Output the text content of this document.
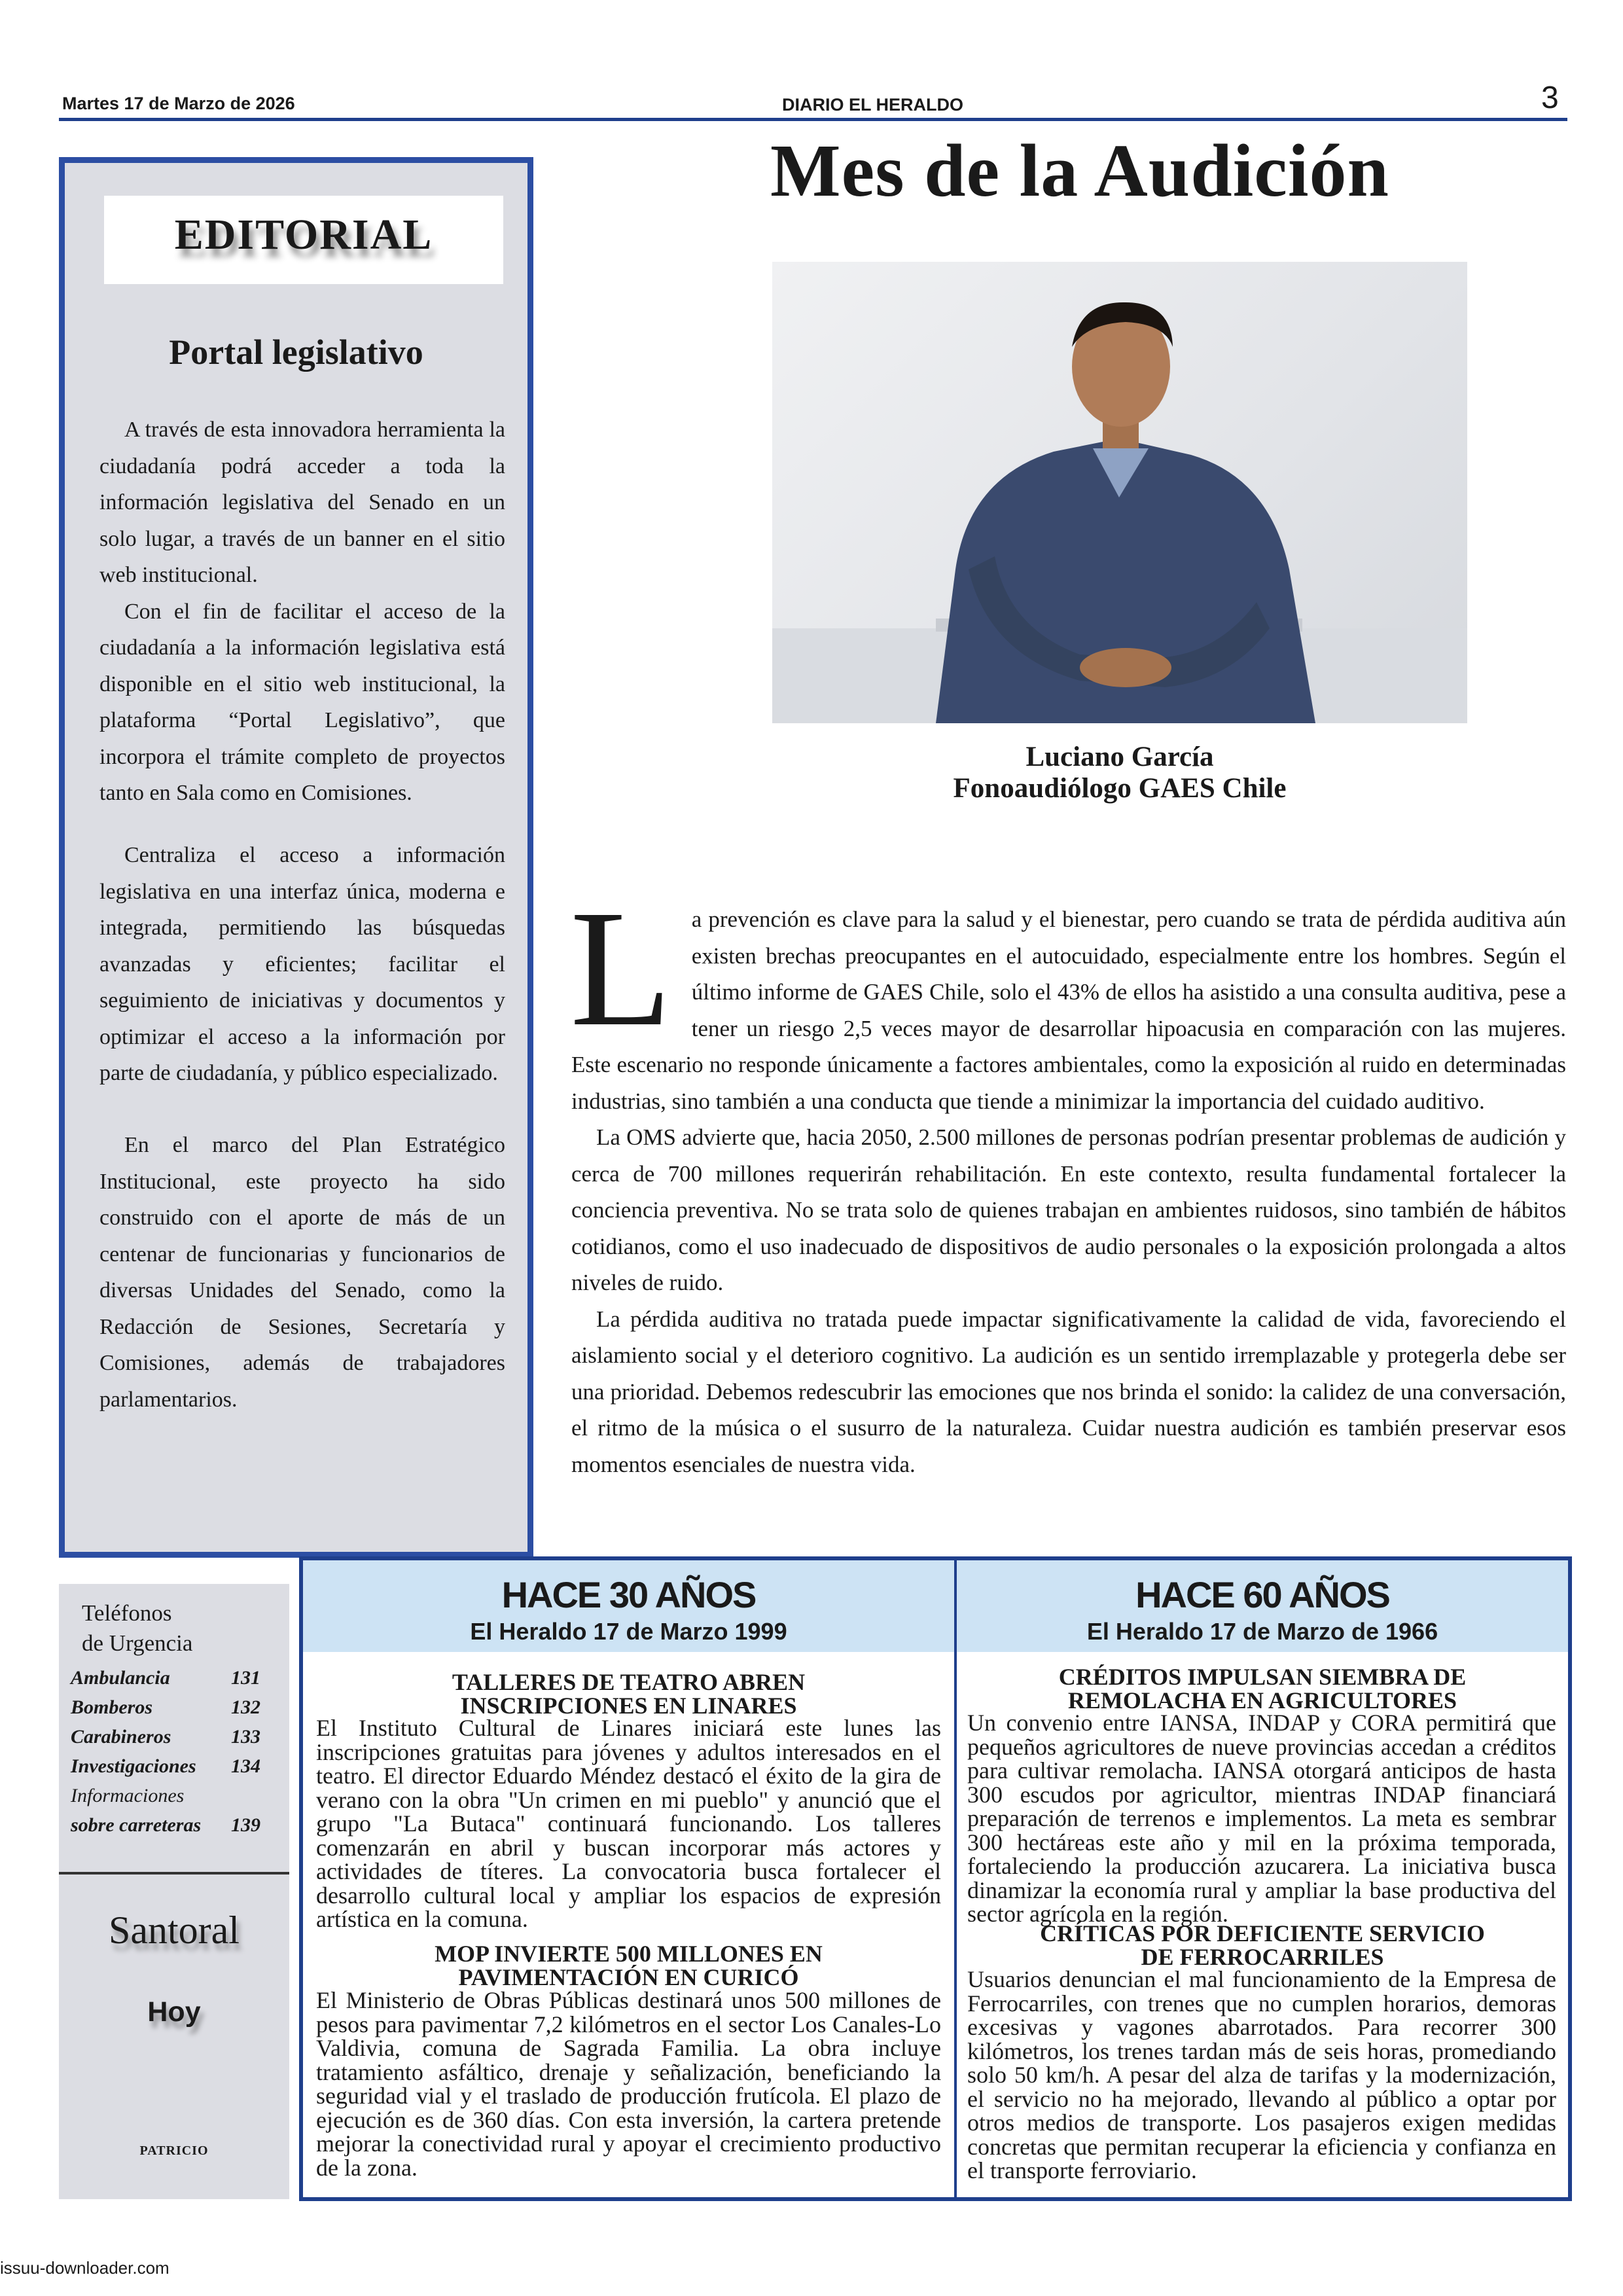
Martes 17 de Marzo de 2026	DIARIO EL HERALDO	3
EDITORIAL
Portal legislativo

A través de esta innovadora herramienta la ciudadanía podrá acceder a toda la información legislativa del Senado en un solo lugar, a través de un banner en el sitio web institucional.

Con el fin de facilitar el acceso de la ciudadanía a la información legislativa está disponible en el sitio web institucional, la plataforma “Portal Legislativo”, que incorpora el trámite completo de proyectos tanto en Sala como en Comisiones.

Centraliza el acceso a información legislativa en una interfaz única, moderna e integrada, permitiendo las búsquedas avanzadas y eficientes; facilitar el seguimiento de iniciativas y documentos y optimizar el acceso a la información por parte de ciudadanía, y público especializado.

En el marco del Plan Estratégico Institucional, este proyecto ha sido construido con el aporte de más de un centenar de funcionarias y funcionarios de diversas Unidades del Senado, como la Redacción de Sesiones, Secretaría y Comisiones, además de trabajadores parlamentarios.

Mes de la Audición
Luciano García
Fonoaudiólogo GAES Chile
L a prevención es clave para la salud y el bienestar, pero cuando se trata de pérdida auditiva aún existen brechas preocupantes en el autocuidado, especialmente entre los hombres. Según el último informe de GAES Chile, solo el 43% de ellos ha asistido a una consulta auditiva, pese a tener un riesgo 2,5 veces mayor de desarrollar hipoacusia en comparación con las mujeres. Este escenario no responde únicamente a factores ambientales, como la exposición al ruido en determinadas industrias, sino también a una conducta que tiende a minimizar la importancia del cuidado auditivo.

La OMS advierte que, hacia 2050, 2.500 millones de personas podrían presentar problemas de audición y cerca de 700 millones requerirán rehabilitación. En este contexto, resulta fundamental fortalecer la conciencia preventiva. No se trata solo de quienes trabajan en ambientes ruidosos, sino también de hábitos cotidianos, como el uso inadecuado de dispositivos de audio personales o la exposición prolongada a altos niveles de ruido.

La pérdida auditiva no tratada puede impactar significativamente la calidad de vida, favoreciendo el aislamiento social y el deterioro cognitivo. La audición es un sentido irremplazable y protegerla debe ser una prioridad. Debemos redescubrir las emociones que nos brinda el sonido: la calidez de una conversación, el ritmo de la música o el susurro de la naturaleza. Cuidar nuestra audición es también preservar esos momentos esenciales de nuestra vida.

Teléfonos
de Urgencia
Ambulancia	131
Bomberos	132
Carabineros	133
Investigaciones 134
Informaciones
sobre carreteras 139
Santoral
Hoy
PATRICIO
HACE 30 AÑOS
El Heraldo 17 de Marzo 1999
TALLERES DE TEATRO ABREN
INSCRIPCIONES EN LINARES
El Instituto Cultural de Linares iniciará este lunes las inscripciones gratuitas para jóvenes y adultos interesados en el teatro. El director Eduardo Méndez destacó el éxito de la gira de verano con la obra "Un crimen en mi pueblo" y anunció que el grupo "La Butaca" continuará funcionando. Los talleres comenzarán en abril y buscan incorporar más actores y actividades de títeres. La convocatoria busca fortalecer el desarrollo cultural local y ampliar los espacios de expresión artística en la comuna.
MOP INVIERTE 500 MILLONES EN
PAVIMENTACIÓN EN CURICÓ
El Ministerio de Obras Públicas destinará unos 500 millones de pesos para pavimentar 7,2 kilómetros en el sector Los Canales-Lo Valdivia, comuna de Sagrada Familia. La obra incluye tratamiento asfáltico, drenaje y señalización, beneficiando la seguridad vial y el traslado de producción frutícola. El plazo de ejecución es de 360 días. Con esta inversión, la cartera pretende mejorar la conectividad rural y apoyar el crecimiento productivo de la zona.
HACE 60 AÑOS
El Heraldo 17 de Marzo de 1966
CRÉDITOS IMPULSAN SIEMBRA DE
REMOLACHA EN AGRICULTORES
Un convenio entre IANSA, INDAP y CORA permitirá que pequeños agricultores de nueve provincias accedan a créditos para cultivar remolacha. IANSA otorgará anticipos de hasta 300 escudos por agricultor, mientras INDAP financiará preparación de terrenos e implementos. La meta es sembrar 300 hectáreas este año y mil en la próxima temporada, fortaleciendo la producción azucarera. La iniciativa busca dinamizar la economía rural y ampliar la base productiva del sector agrícola en la región.
CRÍTICAS POR DEFICIENTE SERVICIO
DE FERROCARRILES
Usuarios denuncian el mal funcionamiento de la Empresa de Ferrocarriles, con trenes que no cumplen horarios, demoras excesivas y vagones abarrotados. Para recorrer 300 kilómetros, los trenes tardan más de seis horas, promediando solo 50 km/h. A pesar del alza de tarifas y la modernización, el servicio no ha mejorado, llevando al público a optar por otros medios de transporte. Los pasajeros exigen medidas concretas que permitan recuperar la eficiencia y confianza en el transporte ferroviario.
issuu-downloader.com
